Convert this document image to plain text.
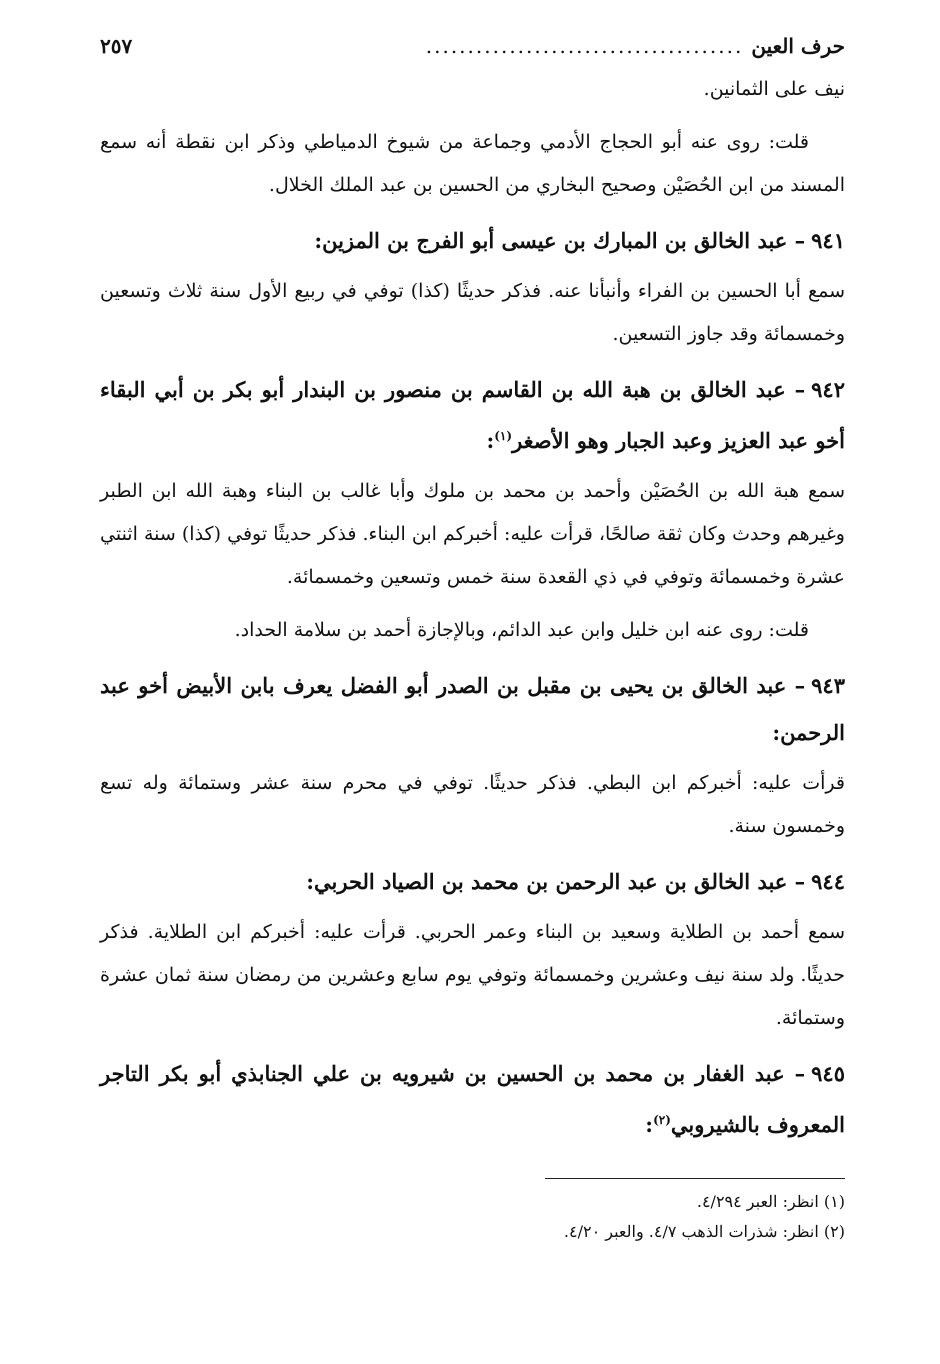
حرف العين
......................................
٢٥٧

نيف على الثمانين.

قلت: روى عنه أبو الحجاج الأدمي وجماعة من شيوخ الدمياطي وذكر ابن نقطة أنه سمع المسند من ابن الحُصَيْن وصحيح البخاري من الحسين بن عبد الملك الخلال.

٩٤١– عبد الخالق بن المبارك بن عيسى أبو الفرج بن المزين:

سمع أبا الحسين بن الفراء وأنبأنا عنه. فذكر حديثًا (كذا) توفي في ربيع الأول سنة ثلاث وتسعين وخمسمائة وقد جاوز التسعين.

٩٤٢– عبد الخالق بن هبة الله بن القاسم بن منصور بن البندار أبو بكر بن أبي البقاء أخو عبد العزيز وعبد الجبار وهو الأصغر$^{(١)}$:

سمع هبة الله بن الحُصَيْن وأحمد بن محمد بن ملوك وأبا غالب بن البناء وهبة الله ابن الطبر وغيرهم وحدث وكان ثقة صالحًا، قرأت عليه: أخبركم ابن البناء. فذكر حديثًا توفي (كذا) سنة اثنتي عشرة وخمسمائة وتوفي في ذي القعدة سنة خمس وتسعين وخمسمائة.

قلت: روى عنه ابن خليل وابن عبد الدائم، وبالإجازة أحمد بن سلامة الحداد.

٩٤٣– عبد الخالق بن يحيى بن مقبل بن الصدر أبو الفضل يعرف بابن الأبيض أخو عبد الرحمن:

قرأت عليه: أخبركم ابن البطي. فذكر حديثًا. توفي في محرم سنة عشر وستمائة وله تسع وخمسون سنة.

٩٤٤– عبد الخالق بن عبد الرحمن بن محمد بن الصياد الحربي:

سمع أحمد بن الطلاية وسعيد بن البناء وعمر الحربي. قرأت عليه: أخبركم ابن الطلاية. فذكر حديثًا. ولد سنة نيف وعشرين وخمسمائة وتوفي يوم سابع وعشرين من رمضان سنة ثمان عشرة وستمائة.

٩٤٥– عبد الغفار بن محمد بن الحسين بن شيرويه بن علي الجنابذي أبو بكر التاجر المعروف بالشيروبي$^{(٢)}$:

(١) انظر: العبر ٤/٢٩٤.

(٢) انظر: شذرات الذهب ٤/٧. والعبر ٤/٢٠.
